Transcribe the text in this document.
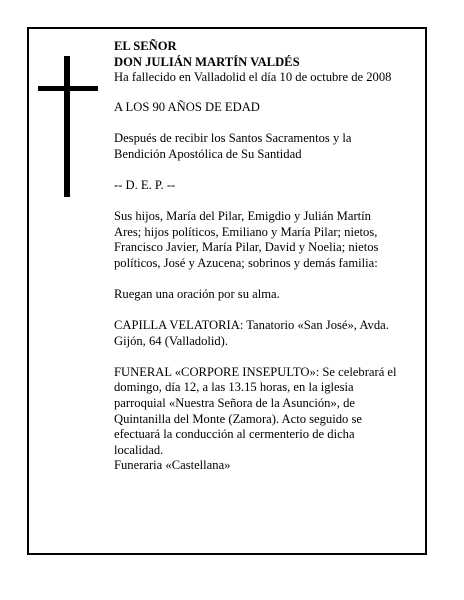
EL SEÑOR

DON JULIÁN MARTÍN VALDÉS

Ha fallecido en Valladolid el día 10 de octubre de 2008

A LOS 90 AÑOS DE EDAD

Después de recibir los Santos Sacramentos y la

Bendición Apostólica de Su Santidad

-- D. E. P. --

Sus hijos, María del Pilar, Emigdio y Julián Martín

Ares; hijos políticos, Emiliano y María Pilar; nietos,

Francisco Javier, María Pilar, David y Noelia; nietos

políticos, José y Azucena; sobrinos y demás familia:

Ruegan una oración por su alma.

CAPILLA VELATORIA: Tanatorio «San José», Avda.

Gijón, 64 (Valladolid).

FUNERAL «CORPORE INSEPULTO»: Se celebrará el

domingo, día 12, a las 13.15 horas, en la iglesia

parroquial «Nuestra Señora de la Asunción», de

Quintanilla del Monte (Zamora). Acto seguido se

efectuará la conducción al cermenterio de dicha

localidad.

Funeraria «Castellana»
